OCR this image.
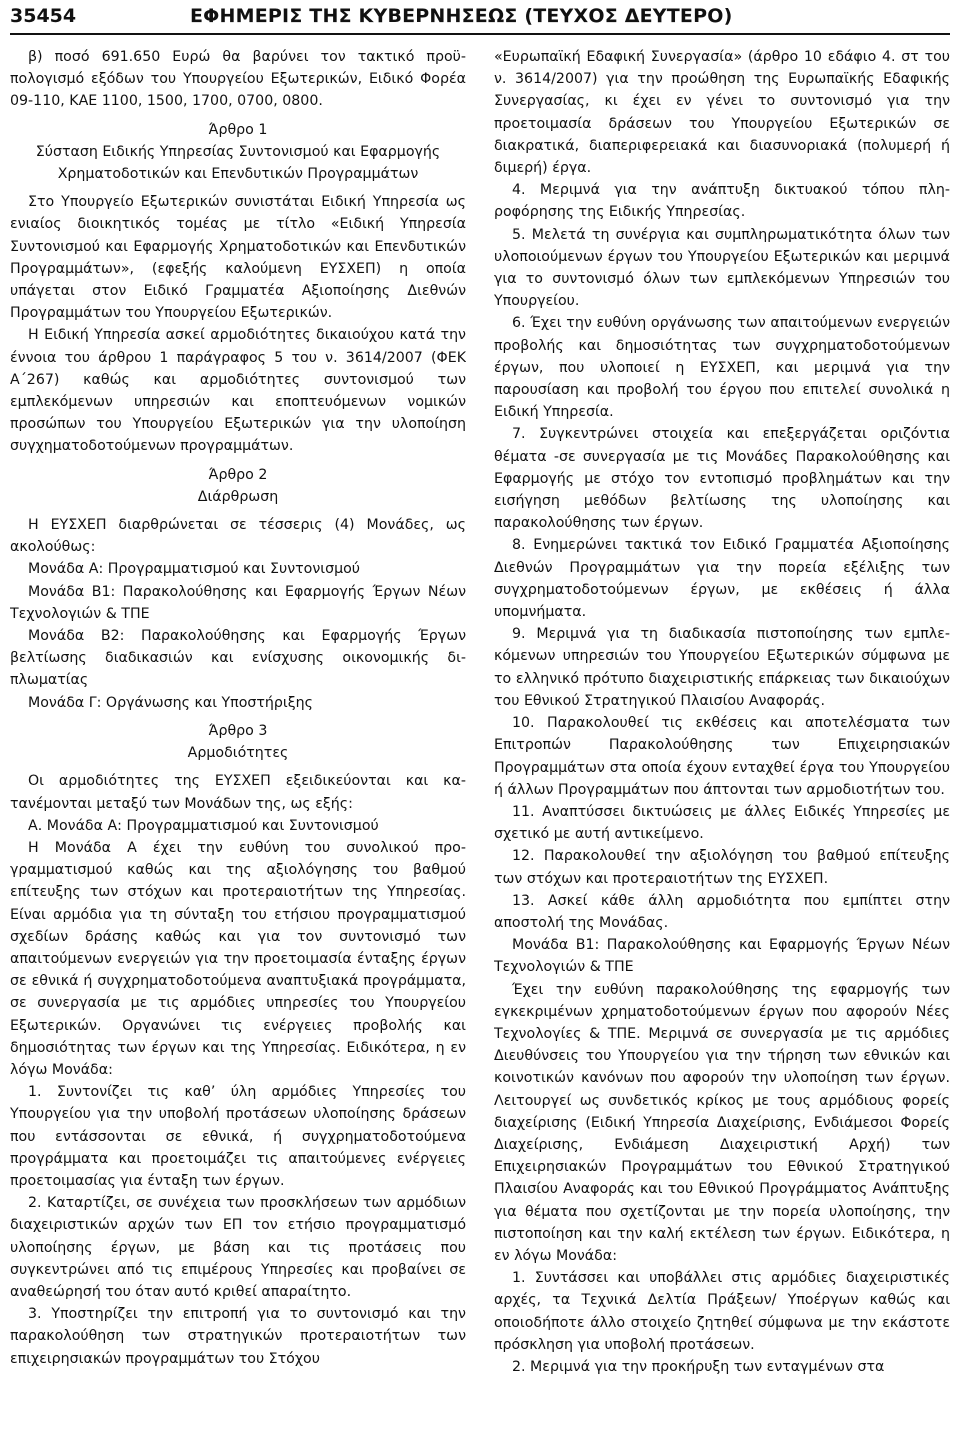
35454	ΕΦΗΜΕΡΙΣ ΤΗΣ ΚΥΒΕΡΝΗΣΕΩΣ (ΤΕΥΧΟΣ ΔΕΥΤΕΡΟ)

β) ποσό 691.650 Ευρώ θα βαρύνει τον τακτικό προϋπολογισμό εξόδων του Υπουργείου Εξωτερικών, Ειδικό Φορέα 09-110, ΚΑΕ 1100, 1500, 1700, 0700, 0800.

Άρθρο 1

Σύσταση Ειδικής Υπηρεσίας Συντονισμού και Εφαρμογής Χρηματοδοτικών και Επενδυτικών Προγραμμάτων

Στο Υπουργείο Εξωτερικών συνιστάται Ειδική Υπηρεσία ως ενιαίος διοικητικός τομέας με τίτλο «Ειδική Υπηρεσία Συντονισμού και Εφαρμογής Χρηματοδοτικών και Επενδυτικών Προγραμμάτων», (εφεξής καλούμενη ΕΥΣΧΕΠ) η οποία υπάγεται στον Ειδικό Γραμματέα Αξιοποίησης Διεθνών Προγραμμάτων του Υπουργείου Εξωτερικών.

Η Ειδική Υπηρεσία ασκεί αρμοδιότητες δικαιούχου κατά την έννοια του άρθρου 1 παράγραφος 5 του ν. 3614/2007 (ΦΕΚ Α΄267) καθώς και αρμοδιότητες συντονισμού των εμπλεκόμενων υπηρεσιών και εποπτευόμενων νομικών προσώπων του Υπουργείου Εξωτερικών για την υλοποίηση συγχηματοδοτούμενων προγραμμάτων.

Άρθρο 2

Διάρθρωση

Η ΕΥΣΧΕΠ διαρθρώνεται σε τέσσερις (4) Μονάδες, ως ακολούθως:

Μονάδα Α: Προγραμματισμού και Συντονισμού

Μονάδα Β1: Παρακολούθησης και Εφαρμογής Έργων Νέων Τεχνολογιών & ΤΠΕ

Μονάδα Β2: Παρακολούθησης και Εφαρμογής Έργων βελτίωσης διαδικασιών και ενίσχυσης οικονομικής διπλωματίας

Μονάδα Γ: Οργάνωσης και Υποστήριξης

Άρθρο 3

Αρμοδιότητες

Οι αρμοδιότητες της ΕΥΣΧΕΠ εξειδικεύονται και κατανέμονται μεταξύ των Μονάδων της, ως εξής:

Α. Μονάδα Α: Προγραμματισμού και Συντονισμού

Η Μονάδα Α έχει την ευθύνη του συνολικού προγραμματισμού καθώς και της αξιολόγησης του βαθμού επίτευξης των στόχων και προτεραιοτήτων της Υπηρεσίας. Είναι αρμόδια για τη σύνταξη του ετήσιου προγραμματισμού σχεδίων δράσης καθώς και για τον συντονισμό των απαιτούμενων ενεργειών για την προετοιμασία ένταξης έργων σε εθνικά ή συγχρηματοδοτούμενα αναπτυξιακά προγράμματα, σε συνεργασία με τις αρμόδιες υπηρεσίες του Υπουργείου Εξωτερικών. Οργανώνει τις ενέργειες προβολής και δημοσιότητας των έργων και της Υπηρεσίας. Ειδικότερα, η εν λόγω Μονάδα:

1. Συντονίζει τις καθ’ ύλη αρμόδιες Υπηρεσίες του Υπουργείου για την υποβολή προτάσεων υλοποίησης δράσεων που εντάσσονται σε εθνικά, ή συγχρηματοδοτούμενα προγράμματα και προετοιμάζει τις απαιτούμενες ενέργειες προετοιμασίας για ένταξη των έργων.

2. Καταρτίζει, σε συνέχεια των προσκλήσεων των αρμόδιων διαχειριστικών αρχών των ΕΠ τον ετήσιο προγραμματισμό υλοποίησης έργων, με βάση και τις προτάσεις που συγκεντρώνει από τις επιμέρους Υπηρεσίες και προβαίνει σε αναθεώρησή του όταν αυτό κριθεί απαραίτητο.

3. Υποστηρίζει την επιτροπή για το συντονισμό και την παρακολούθηση των στρατηγικών προτεραιοτήτων των επιχειρησιακών προγραμμάτων του Στόχου

«Ευρωπαϊκή Εδαφική Συνεργασία» (άρθρο 10 εδάφιο 4. στ του ν. 3614/2007) για την προώθηση της Ευρωπαϊκής Εδαφικής Συνεργασίας, κι έχει εν γένει το συντονισμό για την προετοιμασία δράσεων του Υπουργείου Εξωτερικών σε διακρατικά, διαπεριφερειακά και διασυνοριακά (πολυμερή ή διμερή) έργα.

4. Μεριμνά για την ανάπτυξη δικτυακού τόπου πληροφόρησης της Ειδικής Υπηρεσίας.

5. Μελετά τη συνέργια και συμπληρωματικότητα όλων των υλοποιούμενων έργων του Υπουργείου Εξωτερικών και μεριμνά για το συντονισμό όλων των εμπλεκόμενων Υπηρεσιών του Υπουργείου.

6. Έχει την ευθύνη οργάνωσης των απαιτούμενων ενεργειών προβολής και δημοσιότητας των συγχρηματοδοτούμενων έργων, που υλοποιεί η ΕΥΣΧΕΠ, και μεριμνά για την παρουσίαση και προβολή του έργου που επιτελεί συνολικά η Ειδική Υπηρεσία.

7. Συγκεντρώνει στοιχεία και επεξεργάζεται οριζόντια θέματα -σε συνεργασία με τις Μονάδες Παρακολούθησης και Εφαρμογής με στόχο τον εντοπισμό προβλημάτων και την εισήγηση μεθόδων βελτίωσης της υλοποίησης και παρακολούθησης των έργων.

8. Ενημερώνει τακτικά τον Ειδικό Γραμματέα Αξιοποίησης Διεθνών Προγραμμάτων για την πορεία εξέλιξης των συγχρηματοδοτούμενων έργων, με εκθέσεις ή άλλα υπομνήματα.

9. Μεριμνά για τη διαδικασία πιστοποίησης των εμπλεκόμενων υπηρεσιών του Υπουργείου Εξωτερικών σύμφωνα με το ελληνικό πρότυπο διαχειριστικής επάρκειας των δικαιούχων του Εθνικού Στρατηγικού Πλαισίου Αναφοράς.

10. Παρακολουθεί τις εκθέσεις και αποτελέσματα των Επιτροπών Παρακολούθησης των Επιχειρησιακών Προγραμμάτων στα οποία έχουν ενταχθεί έργα του Υπουργείου ή άλλων Προγραμμάτων που άπτονται των αρμοδιοτήτων του.

11. Αναπτύσσει δικτυώσεις με άλλες Ειδικές Υπηρεσίες με σχετικό με αυτή αντικείμενο.

12. Παρακολουθεί την αξιολόγηση του βαθμού επίτευξης των στόχων και προτεραιοτήτων της ΕΥΣΧΕΠ.

13. Ασκεί κάθε άλλη αρμοδιότητα που εμπίπτει στην αποστολή της Μονάδας.

Μονάδα Β1: Παρακολούθησης και Εφαρμογής Έργων Νέων Τεχνολογιών & ΤΠΕ

Έχει την ευθύνη παρακολούθησης της εφαρμογής των εγκεκριμένων χρηματοδοτούμενων έργων που αφορούν Νέες Τεχνολογίες & ΤΠΕ. Μεριμνά σε συνεργασία με τις αρμόδιες Διευθύνσεις του Υπουργείου για την τήρηση των εθνικών και κοινοτικών κανόνων που αφορούν την υλοποίηση των έργων. Λειτουργεί ως συνδετικός κρίκος με τους αρμόδιους φορείς διαχείρισης (Ειδική Υπηρεσία Διαχείρισης, Ενδιάμεσοι Φορείς Διαχείρισης, Ενδιάμεση Διαχειριστική Αρχή) των Επιχειρησιακών Προγραμμάτων του Εθνικού Στρατηγικού Πλαισίου Αναφοράς και του Εθνικού Προγράμματος Ανάπτυξης για θέματα που σχετίζονται με την πορεία υλοποίησης, την πιστοποίηση και την καλή εκτέλεση των έργων. Ειδικότερα, η εν λόγω Μονάδα:

1. Συντάσσει και υποβάλλει στις αρμόδιες διαχειριστικές αρχές, τα Τεχνικά Δελτία Πράξεων/ Υποέργων καθώς και οποιοδήποτε άλλο στοιχείο ζητηθεί σύμφωνα με την εκάστοτε πρόσκληση για υποβολή προτάσεων.

2. Μεριμνά για την προκήρυξη των ενταγμένων στα
